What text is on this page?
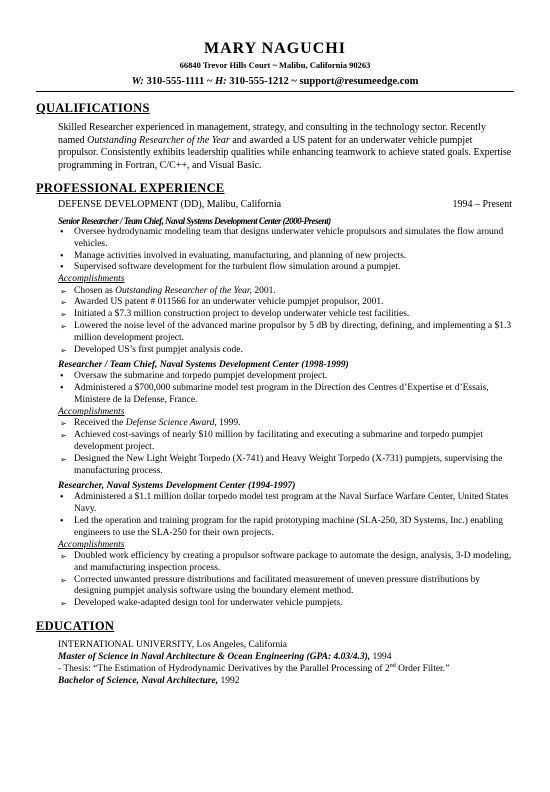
MARY NAGUCHI
66840 Trevor Hills Court ~ Malibu, California 90263
W: 310-555-1111 ~ H: 310-555-1212 ~ support@resumeedge.com
QUALIFICATIONS
Skilled Researcher experienced in management, strategy, and consulting in the technology sector. Recently named Outstanding Researcher of the Year and awarded a US patent for an underwater vehicle pumpjet propulsor. Consistently exhibits leadership qualities while enhancing teamwork to achieve stated goals. Expertise programming in Fortran, C/C++, and Visual Basic.
PROFESSIONAL EXPERIENCE
DEFENSE DEVELOPMENT (DD), Malibu, California	1994 – Present
Senior Researcher / Team Chief, Naval Systems Development Center (2000-Present)
• Oversee hydrodynamic modeling team that designs underwater vehicle propulsors and simulates the flow around vehicles.
• Manage activities involved in evaluating, manufacturing, and planning of new projects.
• Supervised software development for the turbulent flow simulation around a pumpjet.
Accomplishments
➢ Chosen as Outstanding Researcher of the Year, 2001.
➢ Awarded US patent # 011566 for an underwater vehicle pumpjet propulsor, 2001.
➢ Initiated a $7.3 million construction project to develop underwater vehicle test facilities.
➢ Lowered the noise level of the advanced marine propulsor by 5 dB by directing, defining, and implementing a $1.3 million development project.
➢ Developed US’s first pumpjet analysis code.
Researcher / Team Chief, Naval Systems Development Center (1998-1999)
• Oversaw the submarine and torpedo pumpjet development project.
• Administered a $700,000 submarine model test program in the Direction des Centres d’Expertise et d’Essais, Ministere de la Defense, France.
Accomplishments
➢ Received the Defense Science Award, 1999.
➢ Achieved cost-savings of nearly $10 million by facilitating and executing a submarine and torpedo pumpjet development project.
➢ Designed the New Light Weight Torpedo (X-741) and Heavy Weight Torpedo (X-731) pumpjets, supervising the manufacturing process.
Researcher, Naval Systems Development Center (1994-1997)
• Administered a $1.1 million dollar torpedo model test program at the Naval Surface Warfare Center, United States Navy.
• Led the operation and training program for the rapid prototyping machine (SLA-250, 3D Systems, Inc.) enabling engineers to use the SLA-250 for their own projects.
Accomplishments
➢ Doubled work efficiency by creating a propulsor software package to automate the design, analysis, 3-D modeling, and manufacturing inspection process.
➢ Corrected unwanted pressure distributions and facilitated measurement of uneven pressure distributions by designing pumpjet analysis software using the boundary element method.
➢ Developed wake-adapted design tool for underwater vehicle pumpjets.
EDUCATION
INTERNATIONAL UNIVERSITY, Los Angeles, California
Master of Science in Naval Architecture & Ocean Engineering (GPA: 4.03/4.3), 1994
- Thesis: “The Estimation of Hydrodynamic Derivatives by the Parallel Processing of 2nd Order Filter.”
Bachelor of Science, Naval Architecture, 1992
